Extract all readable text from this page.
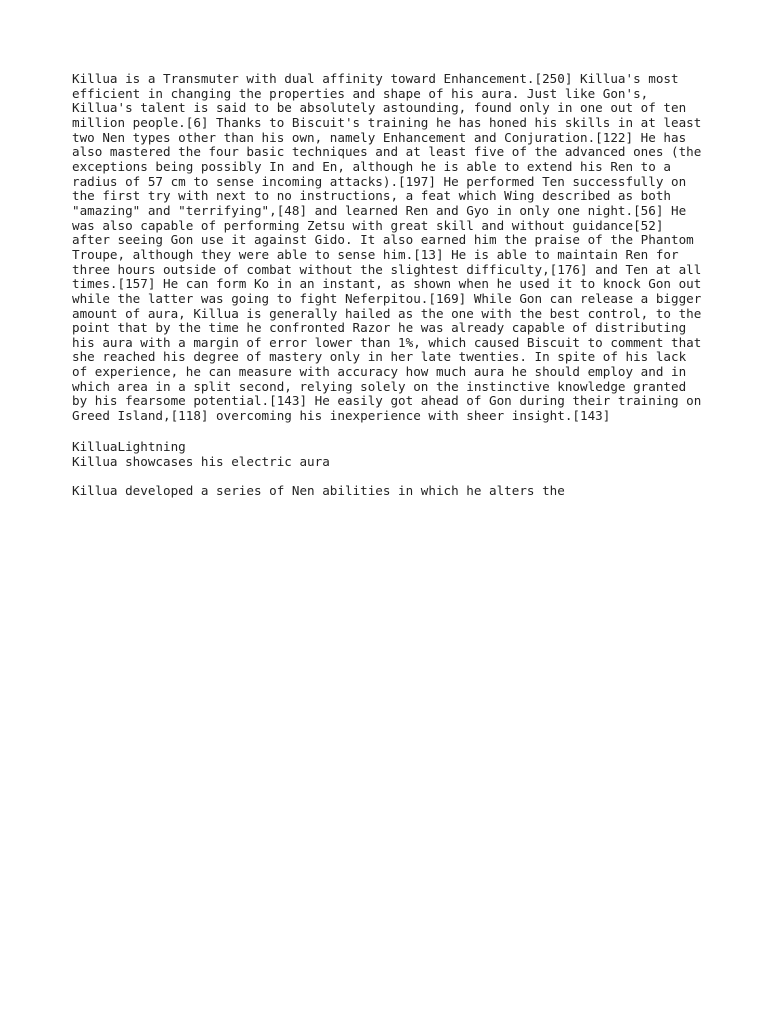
Killua is a Transmuter with dual affinity toward Enhancement.[250] Killua's most
efficient in changing the properties and shape of his aura. Just like Gon's,
Killua's talent is said to be absolutely astounding, found only in one out of ten
million people.[6] Thanks to Biscuit's training he has honed his skills in at least
two Nen types other than his own, namely Enhancement and Conjuration.[122] He has
also mastered the four basic techniques and at least five of the advanced ones (the
exceptions being possibly In and En, although he is able to extend his Ren to a
radius of 57 cm to sense incoming attacks).[197] He performed Ten successfully on
the first try with next to no instructions, a feat which Wing described as both
"amazing" and "terrifying",[48] and learned Ren and Gyo in only one night.[56] He
was also capable of performing Zetsu with great skill and without guidance[52]
after seeing Gon use it against Gido. It also earned him the praise of the Phantom
Troupe, although they were able to sense him.[13] He is able to maintain Ren for
three hours outside of combat without the slightest difficulty,[176] and Ten at all
times.[157] He can form Ko in an instant, as shown when he used it to knock Gon out
while the latter was going to fight Neferpitou.[169] While Gon can release a bigger
amount of aura, Killua is generally hailed as the one with the best control, to the
point that by the time he confronted Razor he was already capable of distributing
his aura with a margin of error lower than 1%, which caused Biscuit to comment that
she reached his degree of mastery only in her late twenties. In spite of his lack
of experience, he can measure with accuracy how much aura he should employ and in
which area in a split second, relying solely on the instinctive knowledge granted
by his fearsome potential.[143] He easily got ahead of Gon during their training on
Greed Island,[118] overcoming his inexperience with sheer insight.[143]

KilluaLightning
Killua showcases his electric aura

Killua developed a series of Nen abilities in which he alters the
